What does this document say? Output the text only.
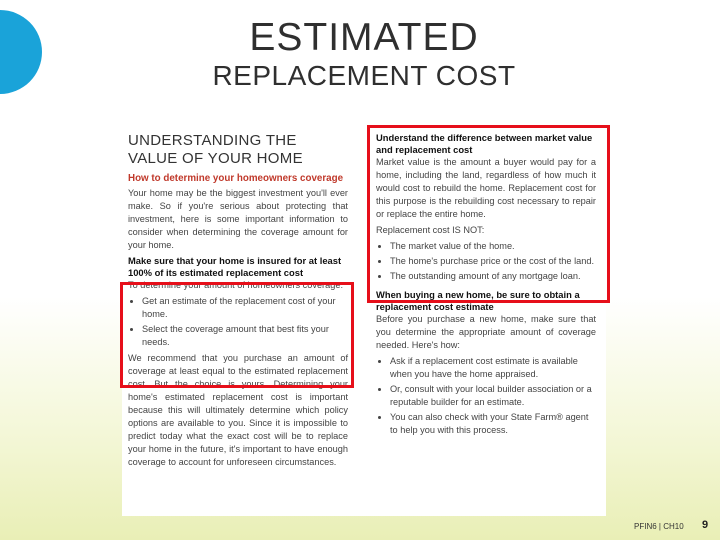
ESTIMATED
REPLACEMENT COST
UNDERSTANDING THE VALUE OF YOUR HOME
How to determine your homeowners coverage

Your home may be the biggest investment you'll ever make. So if you're serious about protecting that investment, here is some important information to consider when determining the coverage amount for your home.

Make sure that your home is insured for at least 100% of its estimated replacement cost

To determine your amount of homeowners coverage:

• Get an estimate of the replacement cost of your home.
• Select the coverage amount that best fits your needs.

We recommend that you purchase an amount of coverage at least equal to the estimated replacement cost. But the choice is yours. Determining your home's estimated replacement cost is important because this will ultimately determine which policy options are available to you. Since it is impossible to predict today what the exact cost will be to replace your home in the future, it's important to have enough coverage to account for unforeseen circumstances.

Understand the difference between market value and replacement cost

Market value is the amount a buyer would pay for a home, including the land, regardless of how much it would cost to rebuild the home. Replacement cost for this purpose is the rebuilding cost necessary to repair or replace the entire home.

Replacement cost IS NOT:

• The market value of the home.
• The home's purchase price or the cost of the land.
• The outstanding amount of any mortgage loan.
When buying a new home, be sure to obtain a replacement cost estimate

Before you purchase a new home, make sure that you determine the appropriate amount of coverage needed. Here's how:

• Ask if a replacement cost estimate is available when you have the home appraised.
• Or, consult with your local builder association or a reputable builder for an estimate.
• You can also check with your State Farm® agent to help you with this process.
PFIN6 | CH10 9
